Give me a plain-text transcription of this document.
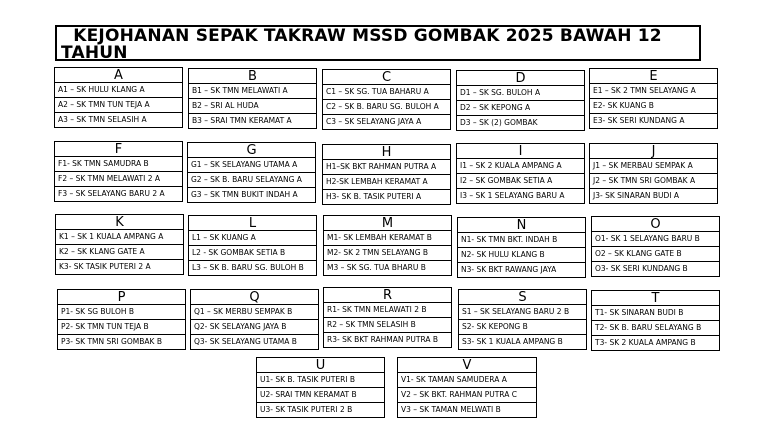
KEJOHANAN SEPAK TAKRAW MSSD GOMBAK 2025 BAWAH 12 TAHUN
A
A1 – SK HULU KLANG A
A2 – SK TMN TUN TEJA A
A3 – SK TMN SELASIH A
B
B1 – SK TMN MELAWATI A
B2 – SRI AL HUDA
B3 – SRAI TMN KERAMAT A
C
C1 – SK SG. TUA BAHARU A
C2 – SK B. BARU SG. BULOH A
C3 – SK SELAYANG JAYA A
D
D1 – SK SG. BULOH A
D2 – SK KEPONG A
D3 – SK (2) GOMBAK
E
E1 – SK 2 TMN SELAYANG A
E2- SK KUANG B
E3- SK SERI KUNDANG A
F
F1- SK TMN SAMUDRA B
F2 – SK TMN MELAWATI 2 A
F3 – SK SELAYANG BARU 2 A
G
G1 – SK SELAYANG UTAMA A
G2 – SK B. BARU SELAYANG A
G3 – SK TMN BUKIT INDAH A
H
H1–SK BKT RAHMAN PUTRA A
H2-SK LEMBAH KERAMAT A
H3- SK B. TASIK PUTERI A
I
I1 – SK 2 KUALA AMPANG A
I2 – SK GOMBAK SETIA A
I3 – SK 1 SELAYANG BARU A
J
J1 – SK MERBAU SEMPAK A
J2 – SK TMN SRI GOMBAK A
J3- SK SINARAN BUDI A
K
K1 – SK 1 KUALA AMPANG A
K2 – SK KLANG GATE A
K3- SK TASIK PUTERI 2 A
L
L1 – SK KUANG A
L2 - SK GOMBAK SETIA B
L3 – SK B. BARU SG. BULOH B
M
M1- SK LEMBAH KERAMAT B
M2- SK 2 TMN SELAYANG B
M3 – SK SG. TUA BHARU B
N
N1- SK TMN BKT. INDAH B
N2- SK HULU KLANG B
N3- SK BKT RAWANG JAYA
O
O1- SK 1 SELAYANG BARU B
O2 – SK KLANG GATE B
O3- SK SERI KUNDANG B
P
P1- SK SG BULOH B
P2- SK TMN TUN TEJA B
P3- SK TMN SRI GOMBAK B
Q
Q1 – SK MERBU SEMPAK B
Q2- SK SELAYANG JAYA B
Q3- SK SELAYANG UTAMA B
R
R1- SK TMN MELAWATI 2 B
R2 – SK TMN SELASIH B
R3- SK BKT RAHMAN PUTRA B
S
S1 – SK SELAYANG BARU 2 B
S2- SK KEPONG B
S3- SK 1 KUALA AMPANG B
T
T1- SK SINARAN BUDI B
T2- SK B. BARU SELAYANG B
T3- SK 2 KUALA AMPANG B
U
U1- SK B. TASIK PUTERI B
U2- SRAI TMN KERAMAT B
U3- SK TASIK PUTERI 2 B
V
V1- SK TAMAN SAMUDERA A
V2 – SK BKT. RAHMAN PUTRA C
V3 – SK TAMAN MELWATI B
